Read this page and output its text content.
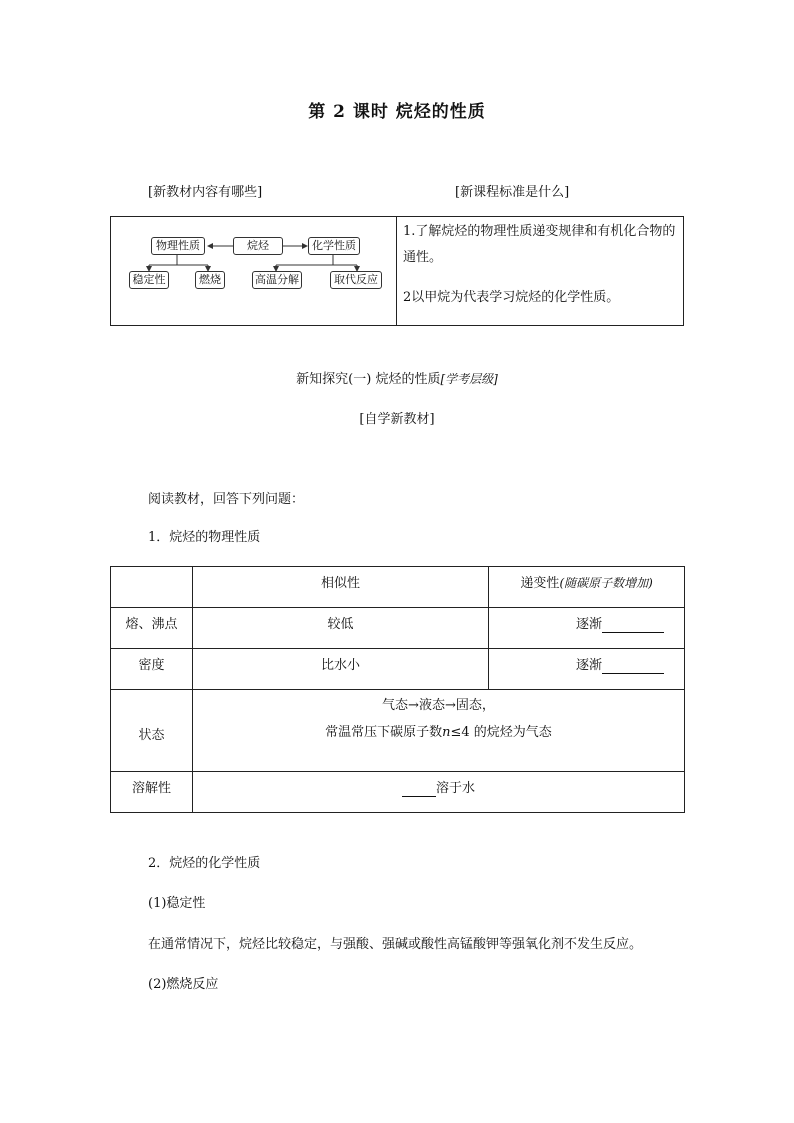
第 2 课时 烷烃的性质
[新教材内容有哪些]	[新课程标准是什么]
烷烃
物理性质	化学性质
稳定性	燃烧	高温分解	取代反应
1.了解烷烃的物理性质递变规律和有机化合物的通性。
2以甲烷为代表学习烷烃的化学性质。
新知探究(一) 烷烃的性质[学考层级]
[自学新教材]
阅读教材，回答下列问题：
1．烷烃的物理性质
	相似性	递变性(随碳原子数增加)
熔、沸点	较低	逐渐
密度	比水小	逐渐
状态	气态→液态→固态，
常温常压下碳原子数n≤4 的烷烃为气态	

溶解性	溶于水	
2．烷烃的化学性质
(1)稳定性
在通常情况下，烷烃比较稳定，与强酸、强碱或酸性高锰酸钾等强氧化剂不发生反应。
(2)燃烧反应
